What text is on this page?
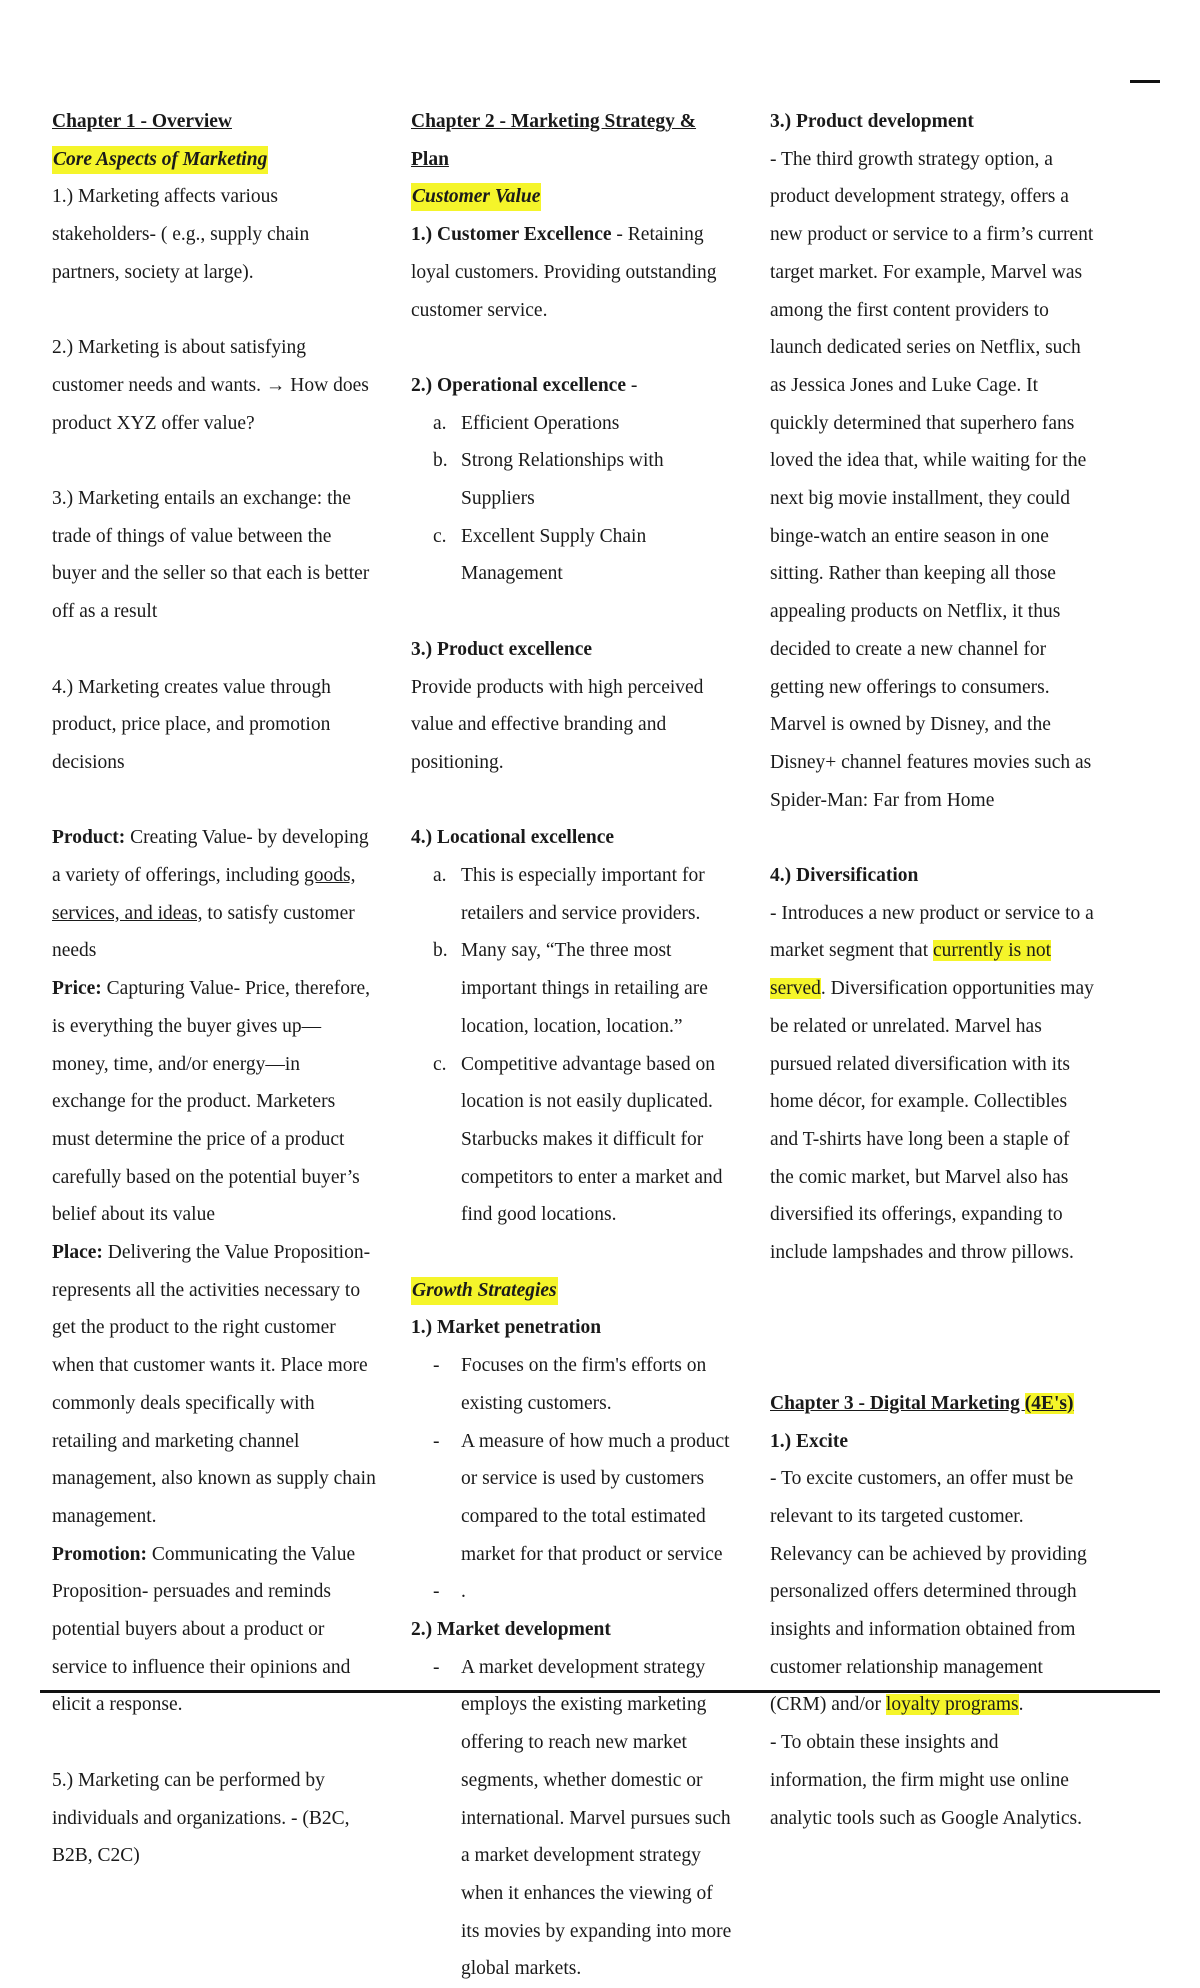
Chapter 1 - Overview

Core Aspects of Marketing

1.) Marketing affects various stakeholders- ( e.g., supply chain partners, society at large).

2.) Marketing is about satisfying customer needs and wants. → How does product XYZ offer value?

3.) Marketing entails an exchange: the trade of things of value between the buyer and the seller so that each is better off as a result

4.) Marketing creates value through product, price place, and promotion decisions

Product: Creating Value- by developing a variety of offerings, including goods, services, and ideas, to satisfy customer needs

Price: Capturing Value- Price, therefore, is everything the buyer gives up—money, time, and/or energy—in exchange for the product. Marketers must determine the price of a product carefully based on the potential buyer’s belief about its value

Place: Delivering the Value Proposition- represents all the activities necessary to get the product to the right customer when that customer wants it. Place more commonly deals specifically with retailing and marketing channel management, also known as supply chain management.

Promotion: Communicating the Value Proposition- persuades and reminds potential buyers about a product or service to influence their opinions and elicit a response.

5.) Marketing can be performed by individuals and organizations. - (B2C, B2B, C2C)

Chapter 2 - Marketing Strategy & Plan

Customer Value

1.) Customer Excellence - Retaining loyal customers. Providing outstanding customer service.

2.) Operational excellence -

a. Efficient Operations
b. Strong Relationships with Suppliers
c. Excellent Supply Chain Management

3.) Product excellence

Provide products with high perceived value and effective branding and positioning.

4.) Locational excellence

a. This is especially important for retailers and service providers.
b. Many say, “The three most important things in retailing are location, location, location.”
c. Competitive advantage based on location is not easily duplicated. Starbucks makes it difficult for competitors to enter a market and find good locations.

Growth Strategies

1.) Market penetration

-	Focuses on the firm's efforts on existing customers.
-	A measure of how much a product or service is used by customers compared to the total estimated market for that product or service
-	.

2.) Market development

-	A market development strategy employs the existing marketing offering to reach new market segments, whether domestic or international. Marvel pursues such a market development strategy when it enhances the viewing of its movies by expanding into more global markets.

3.) Product development

- The third growth strategy option, a product development strategy, offers a new product or service to a firm’s current target market. For example, Marvel was among the first content providers to launch dedicated series on Netflix, such as Jessica Jones and Luke Cage. It quickly determined that superhero fans loved the idea that, while waiting for the next big movie installment, they could binge-watch an entire season in one sitting. Rather than keeping all those appealing products on Netflix, it thus decided to create a new channel for getting new offerings to consumers. Marvel is owned by Disney, and the Disney+ channel features movies such as Spider-Man: Far from Home

4.) Diversification

- Introduces a new product or service to a market segment that currently is not served. Diversification opportunities may be related or unrelated. Marvel has pursued related diversification with its home décor, for example. Collectibles and T-shirts have long been a staple of the comic market, but Marvel also has diversified its offerings, expanding to include lampshades and throw pillows.

Chapter 3 - Digital Marketing (4E's)

1.) Excite

- To excite customers, an offer must be relevant to its targeted customer. Relevancy can be achieved by providing personalized offers determined through insights and information obtained from customer relationship management (CRM) and/or loyalty programs.

- To obtain these insights and information, the firm might use online analytic tools such as Google Analytics.
